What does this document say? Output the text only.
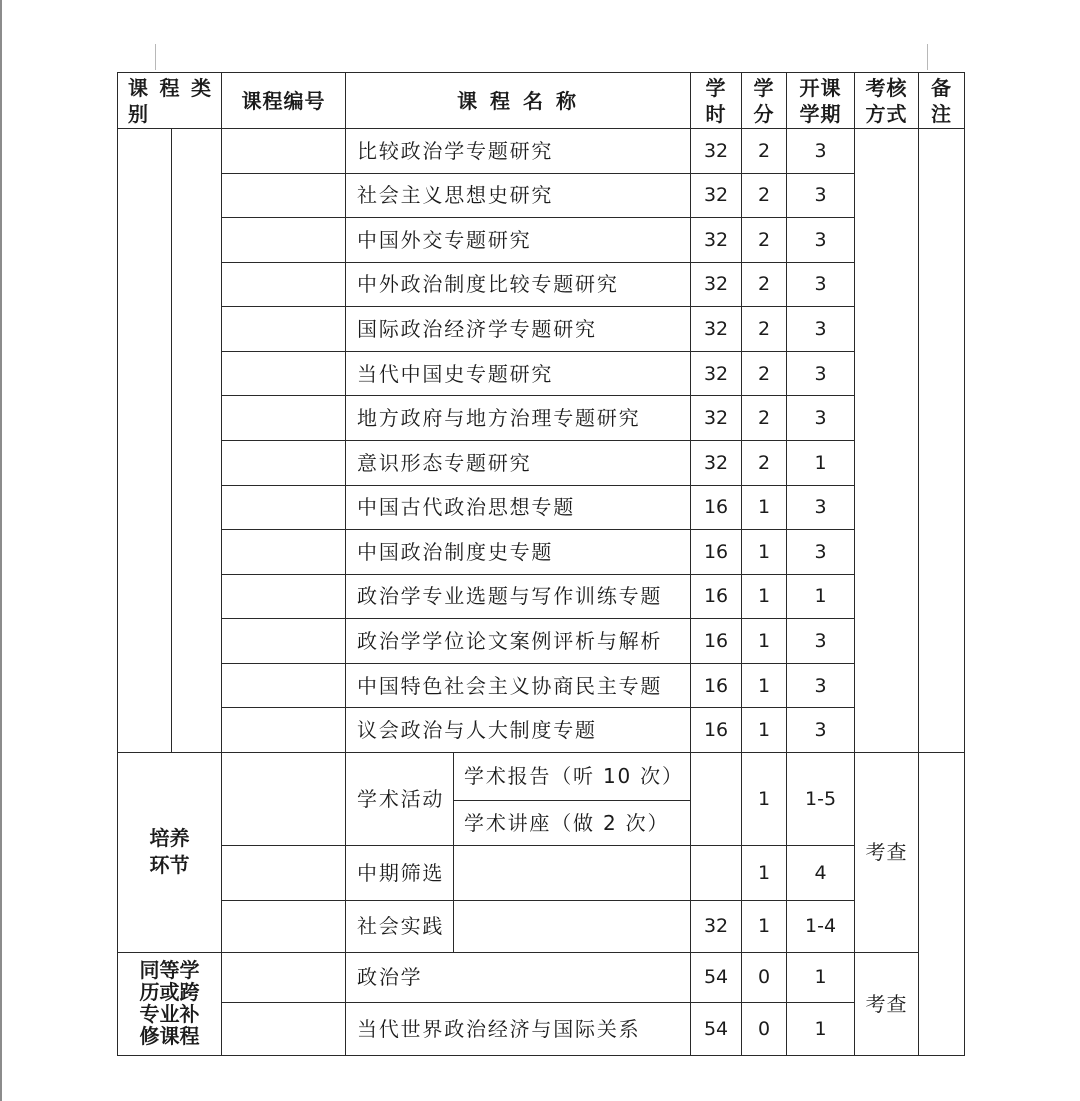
课 程 类 别		课程编号	课 程 名 称		学时	学分	开课学期	考核方式	备注
			比较政治学专题研究		32	2	3		
			社会主义思想史研究		32	2	3		
			中国外交专题研究		32	2	3		
			中外政治制度比较专题研究		32	2	3		
			国际政治经济学专题研究		32	2	3		
			当代中国史专题研究		32	2	3		
			地方政府与地方治理专题研究		32	2	3		
			意识形态专题研究		32	2	1		
			中国古代政治思想专题		16	1	3		
			中国政治制度史专题		16	1	3		
			政治学专业选题与写作训练专题		16	1	1		
			政治学学位论文案例评析与解析		16	1	3		
			中国特色社会主义协商民主专题		16	1	3		
			议会政治与人大制度专题		16	1	3		
培养环节			学术活动	学术报告（听 10 次）		1	1-5	考查	
				学术讲座（做 2 次）					
			中期筛选			1	4		
			社会实践		32	1	1-4		
同等学历或跨专业补修课程			政治学		54	0	1	考查	
			当代世界政治经济与国际关系		54	0	1		
